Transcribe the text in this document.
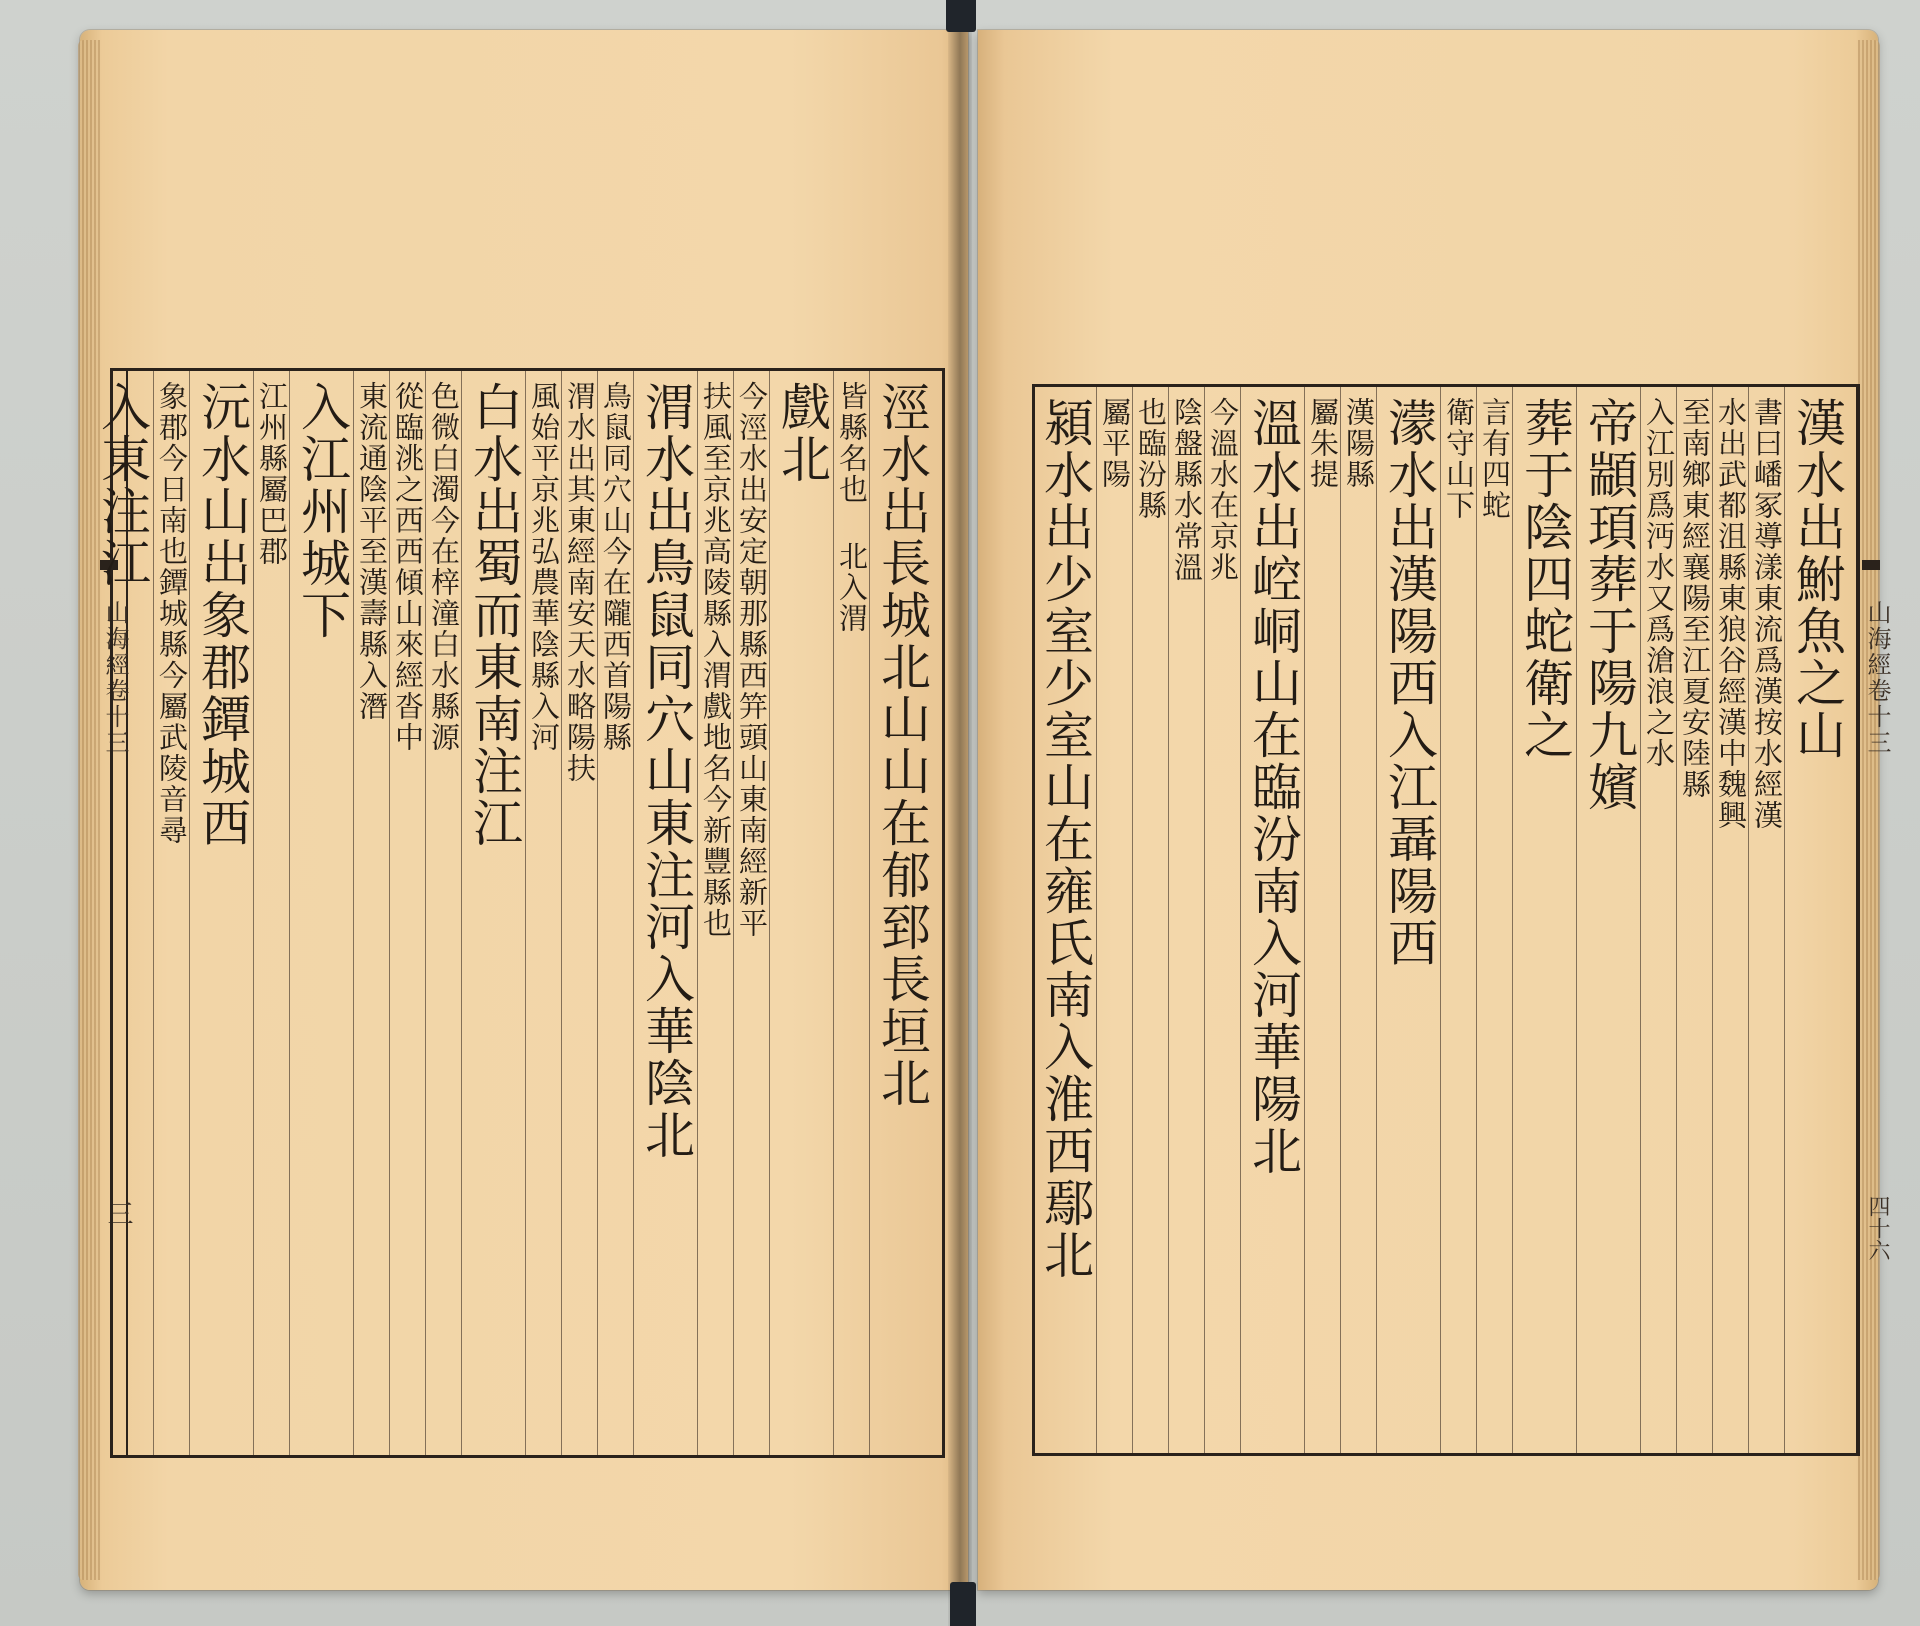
山海經卷十三
三
山海經卷十三
四十六
涇水出長城北山山在郁郅長垣北
皆縣名也 北入渭
戲北
今涇水出安定朝那縣西笄頭山東南經新平
扶風至京兆高陵縣入渭戲地名今新豐縣也
渭水出鳥鼠同穴山東注河入華陰北
鳥鼠同穴山今在隴西首陽縣
渭水出其東經南安天水略陽扶
風始平京兆弘農華陰縣入河
白水出蜀而東南注江
色微白濁今在梓潼白水縣源
從臨洮之西西傾山來經沓中
東流通陰平至漢壽縣入潛
入江州城下
江州縣屬巴郡
沅水山出象郡鐔城西
象郡今日南也鐔城縣今屬武陵音尋
入東注江	漢水出鮒魚之山
書曰嶓冢導漾東流爲漢按水經漢
水出武都沮縣東狼谷經漢中魏興
至南鄉東經襄陽至江夏安陸縣
入江別爲沔水又爲滄浪之水
帝顓頊葬于陽九嬪
葬于陰四蛇衛之
言有四蛇
衛守山下
濛水出漢陽西入江聶陽西
漢陽縣
屬朱提
溫水出崆峒山在臨汾南入河華陽北
今溫水在京兆
陰盤縣水常溫
也臨汾縣
屬平陽
潁水出少室少室山在雍氏南入淮西鄢北
